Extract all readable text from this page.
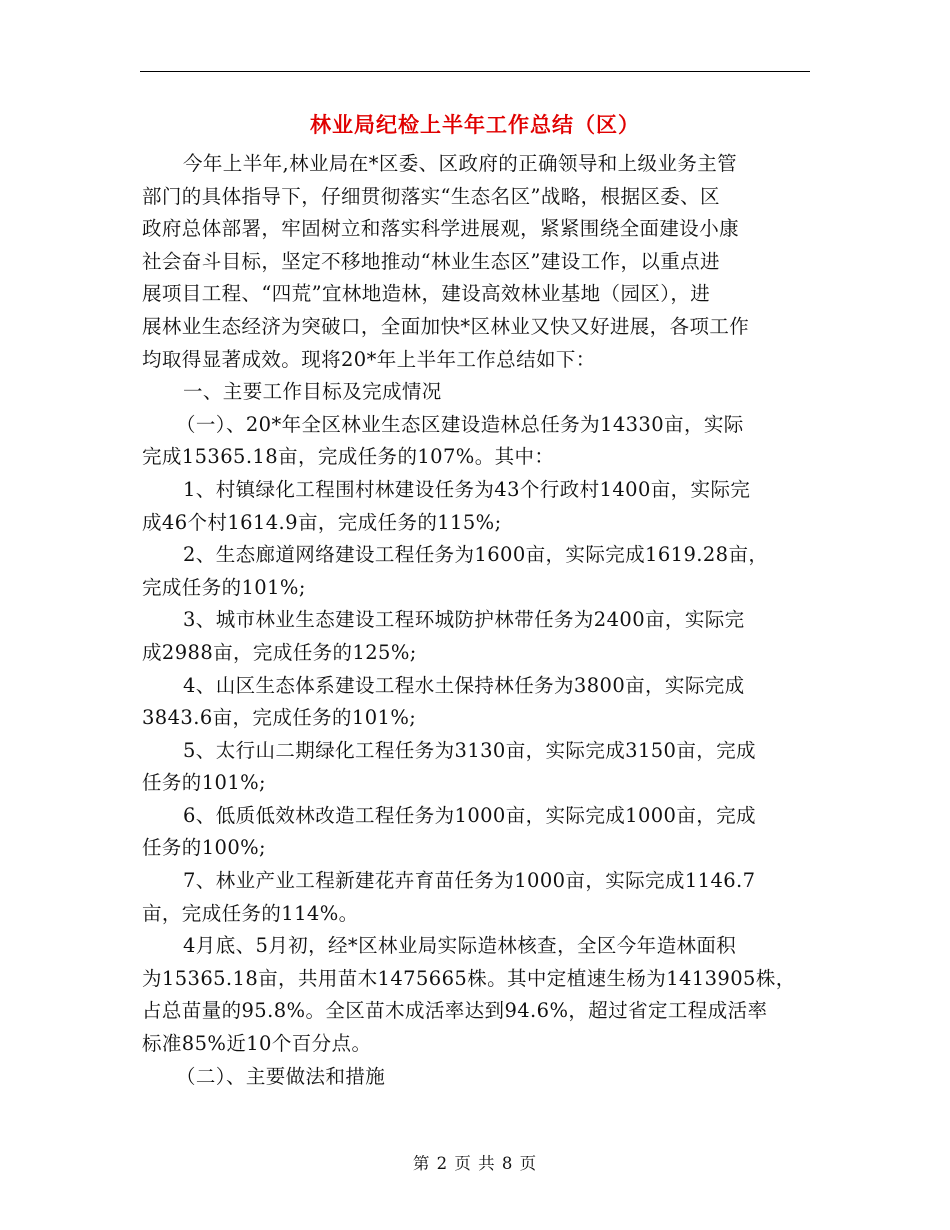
林业局纪检上半年工作总结（区）
今年上半年,林业局在*区委、区政府的正确领导和上级业务主管
部门的具体指导下，仔细贯彻落实“生态名区”战略，根据区委、区
政府总体部署，牢固树立和落实科学进展观，紧紧围绕全面建设小康
社会奋斗目标，坚定不移地推动“林业生态区”建设工作，以重点进
展项目工程、“四荒”宜林地造林，建设高效林业基地（园区），进
展林业生态经济为突破口，全面加快*区林业又快又好进展，各项工作
均取得显著成效。现将20*年上半年工作总结如下：
一、主要工作目标及完成情况
（一）、20*年全区林业生态区建设造林总任务为14330亩，实际
完成15365.18亩，完成任务的107%。其中：
1、村镇绿化工程围村林建设任务为43个行政村1400亩，实际完
成46个村1614.9亩，完成任务的115%;
2、生态廊道网络建设工程任务为1600亩，实际完成1619.28亩，
完成任务的101%;
3、城市林业生态建设工程环城防护林带任务为2400亩，实际完
成2988亩，完成任务的125%;
4、山区生态体系建设工程水土保持林任务为3800亩，实际完成
3843.6亩，完成任务的101%;
5、太行山二期绿化工程任务为3130亩，实际完成3150亩，完成
任务的101%;
6、低质低效林改造工程任务为1000亩，实际完成1000亩，完成
任务的100%;
7、林业产业工程新建花卉育苗任务为1000亩，实际完成1146.7
亩，完成任务的114%。
4月底、5月初，经*区林业局实际造林核查，全区今年造林面积
为15365.18亩，共用苗木1475665株。其中定植速生杨为1413905株，
占总苗量的95.8%。全区苗木成活率达到94.6%，超过省定工程成活率
标准85%近10个百分点。
（二）、主要做法和措施
第 2 页 共 8 页
